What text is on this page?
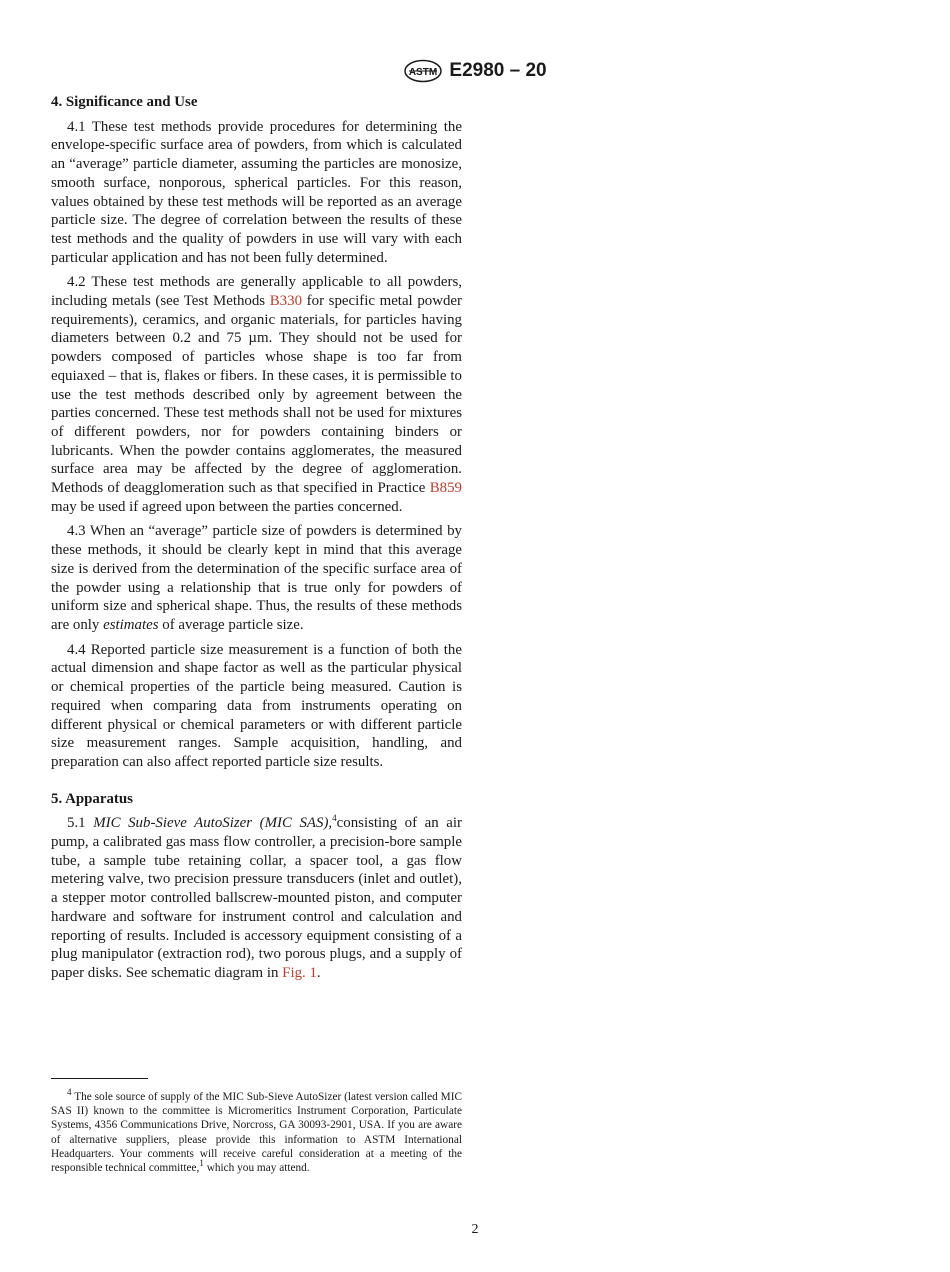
ASTM E2980 – 20
4. Significance and Use

4.1 These test methods provide procedures for determining the envelope-specific surface area of powders, from which is calculated an “average” particle diameter, assuming the particles are monosize, smooth surface, nonporous, spherical particles. For this reason, values obtained by these test methods will be reported as an average particle size. The degree of correlation between the results of these test methods and the quality of powders in use will vary with each particular application and has not been fully determined.

4.2 These test methods are generally applicable to all powders, including metals (see Test Methods B330 for specific metal powder requirements), ceramics, and organic materials, for particles having diameters between 0.2 and 75 µm. They should not be used for powders composed of particles whose shape is too far from equiaxed – that is, flakes or fibers. In these cases, it is permissible to use the test methods described only by agreement between the parties concerned. These test methods shall not be used for mixtures of different powders, nor for powders containing binders or lubricants. When the powder contains agglomerates, the measured surface area may be affected by the degree of agglomeration. Methods of deagglomeration such as that specified in Practice B859 may be used if agreed upon between the parties concerned.

4.3 When an “average” particle size of powders is determined by these methods, it should be clearly kept in mind that this average size is derived from the determination of the specific surface area of the powder using a relationship that is true only for powders of uniform size and spherical shape. Thus, the results of these methods are only estimates of average particle size.

4.4 Reported particle size measurement is a function of both the actual dimension and shape factor as well as the particular physical or chemical properties of the particle being measured. Caution is required when comparing data from instruments operating on different physical or chemical parameters or with different particle size measurement ranges. Sample acquisition, handling, and preparation can also affect reported particle size results.

5. Apparatus

5.1 MIC Sub-Sieve AutoSizer (MIC SAS),$^4$consisting of an air pump, a calibrated gas mass flow controller, a precision-bore sample tube, a sample tube retaining collar, a spacer tool, a gas flow metering valve, two precision pressure transducers (inlet and outlet), a stepper motor controlled ballscrew-mounted piston, and computer hardware and software for instrument control and calculation and reporting of results. Included is accessory equipment consisting of a plug manipulator (extraction rod), two porous plugs, and a supply of paper disks. See schematic diagram in Fig. 1.

$^4$ The sole source of supply of the MIC Sub-Sieve AutoSizer (latest version called MIC SAS II) known to the committee is Micromeritics Instrument Corporation, Particulate Systems, 4356 Communications Drive, Norcross, GA 30093-2901, USA. If you are aware of alternative suppliers, please provide this information to ASTM International Headquarters. Your comments will receive careful consideration at a meeting of the responsible technical committee,$^1$ which you may attend.

2
